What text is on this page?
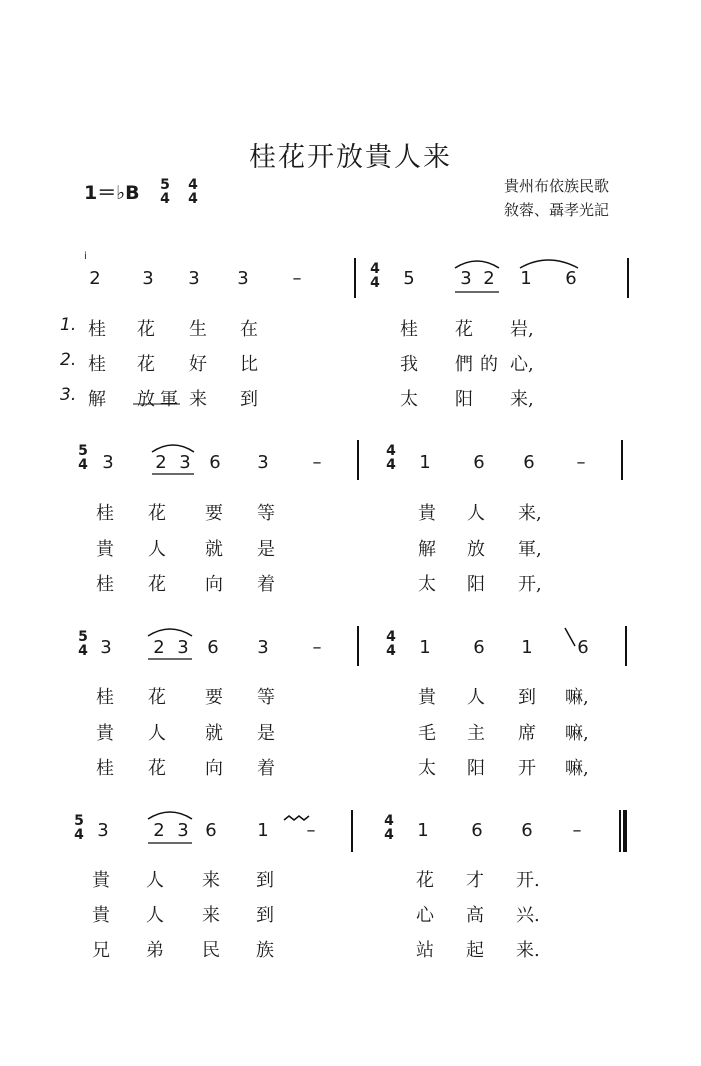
桂花开放貴人来
1＝♭B 5
4
4
4
貴州布依族民歌
敘蓉、聶孝光記
i
2 3 3 3	–	4
4 5	3 2 1 6
1. 桂 花 生 在	桂 花 岩,
2. 桂 花 好 比	我 們 的 心,
3. 解 放 軍 来 到	太 阳 来,
5
4 3 2 3 6 3	–
4
4 1 6 6	–
桂 花 要 等	貴 人 来,
貴 人 就 是	解 放 軍,
桂 花 向 着	太 阳 开,
5
4 3 2 3 6 3	–	4
4 1 6 1 6
桂 花 要 等	貴 人 到 嘛,
貴 人 就 是	毛 主 席 嘛,
桂 花 向 着	太 阳 开 嘛,
5
4 3 2 3 6 1	–	4
4 1 6 6	–
貴 人 来 到	花 才 开.
貴 人 来 到	心 高 兴.
兄 弟 民 族	站 起 来.
